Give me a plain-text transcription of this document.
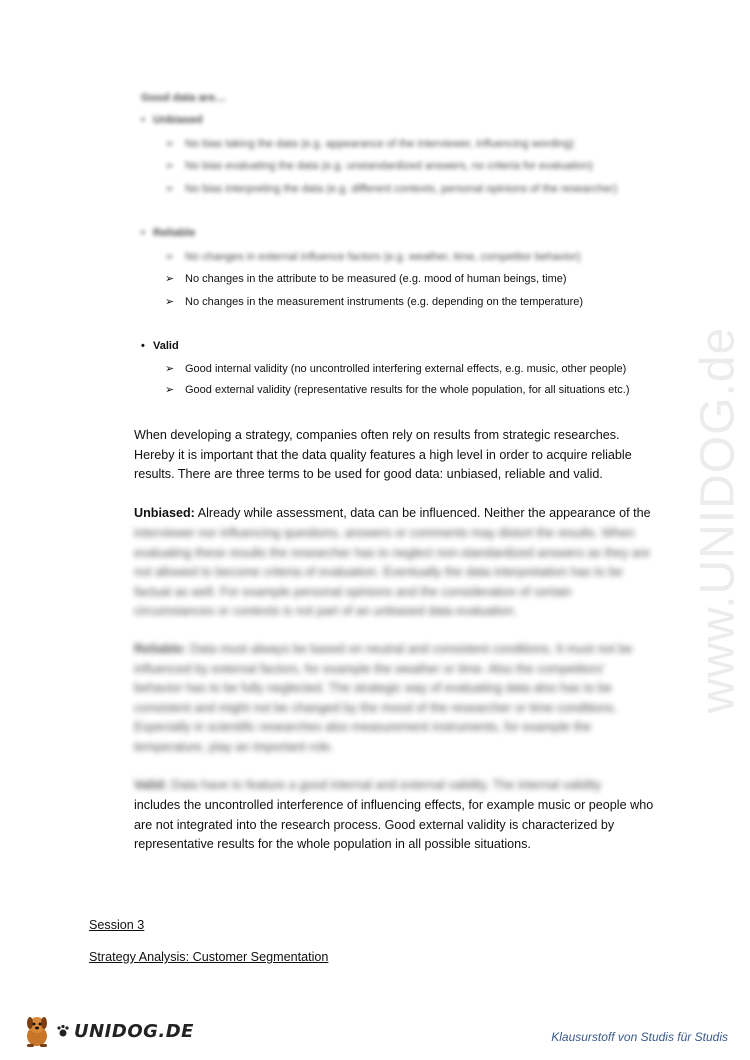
www.UNIDOG.de
Good data are…
• Unbiased
➢ No bias taking the data (e.g. appearance of the interviewer, influencing wording)
➢ No bias evaluating the data (e.g. unstandardized answers, no criteria for evaluation)
➢ No bias interpreting the data (e.g. different contexts, personal opinions of the researcher)
• Reliable
➢ No changes in external influence factors (e.g. weather, time, competitor behavior)
➢ No changes in the attribute to be measured (e.g. mood of human beings, time)
➢ No changes in the measurement instruments (e.g. depending on the temperature)
• Valid
➢ Good internal validity (no uncontrolled interfering external effects, e.g. music, other people)
➢ Good external validity (representative results for the whole population, for all situations etc.)
When developing a strategy, companies often rely on results from strategic researches. Hereby it is important that the data quality features a high level in order to acquire reliable results. There are three terms to be used for good data: unbiased, reliable and valid.
Unbiased: Already while assessment, data can be influenced. Neither the appearance of the
interviewer nor influencing questions, answers or comments may distort the results. When evaluating these results the researcher has to neglect non-standardized answers as they are not allowed to become criteria of evaluation. Eventually the data interpretation has to be factual as well. For example personal opinions and the consideration of certain circumstances or contexts is not part of an unbiased data evaluation.
Reliable: Data must always be based on neutral and consistent conditions. It must not be influenced by external factors, for example the weather or time. Also the competitors' behavior has to be fully neglected. The strategic way of evaluating data also has to be consistent and might not be changed by the mood of the researcher or time conditions. Especially in scientific researches also measurement instruments, for example the temperature, play an important role.
Valid: Data have to feature a good internal and external validity. The internal validity
includes the uncontrolled interference of influencing effects, for example music or people who are not integrated into the research process. Good external validity is characterized by representative results for the whole population in all possible situations.
Session 3
Strategy Analysis: Customer Segmentation
UNIDOG.DE	Klausurstoff von Studis für Studis
